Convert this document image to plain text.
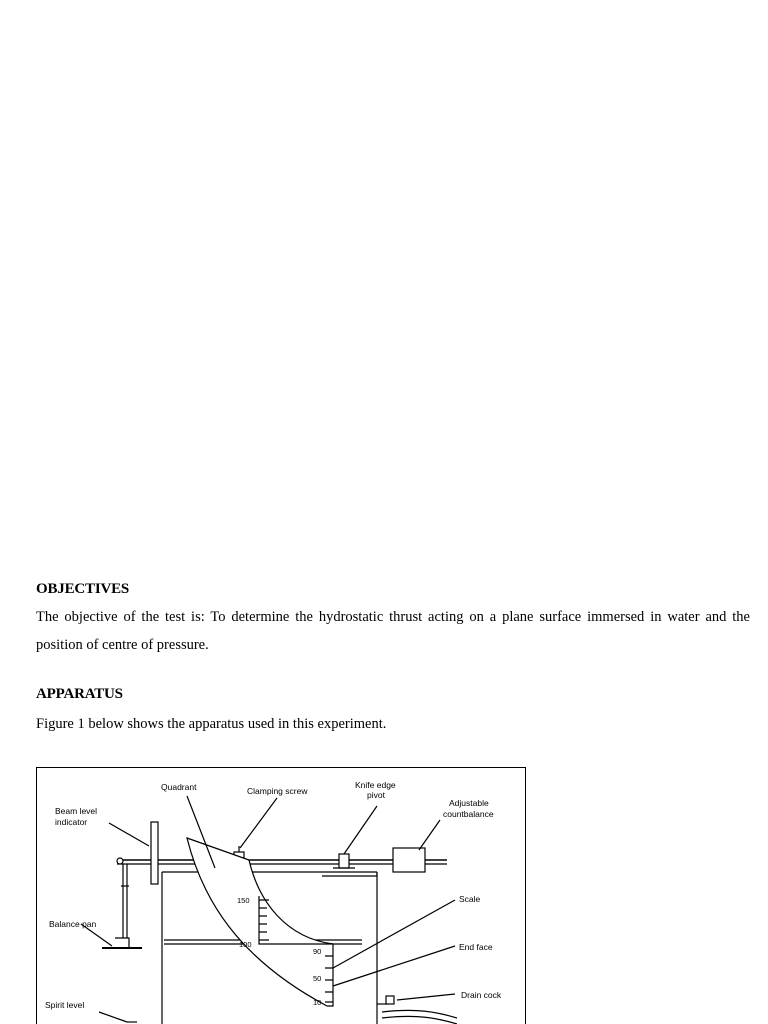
OBJECTIVES

The objective of the test is: To determine the hydrostatic thrust acting on a plane surface immersed in water and the position of centre of pressure.

APPARATUS

Figure 1 below shows the apparatus used in this experiment.

Quadrant	Clamping screw
Knife edge
pivot
Beam level
indicator
Adjustable
countbalance
Balance pan
Scale
End face
Drain cock
Spirit level
150
100
90
50
10
